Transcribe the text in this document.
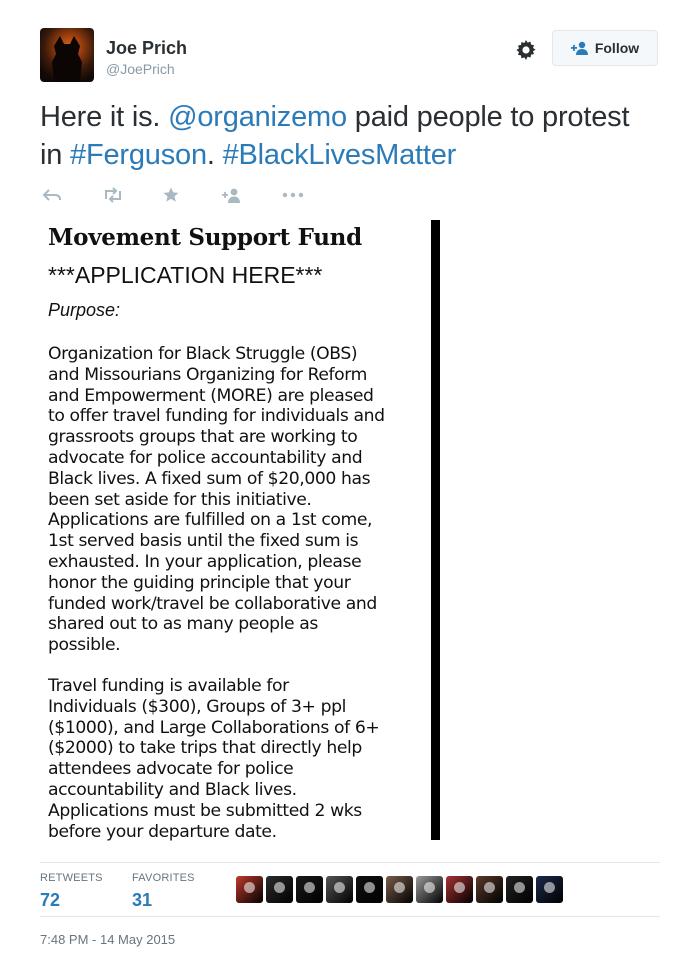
Joe Prich
@JoePrich
Follow
Here it is. @organizemo paid people to protest in #Ferguson. #BlackLivesMatter
Movement Support Fund
***APPLICATION HERE***
Purpose:
Organization for Black Struggle (OBS)
and Missourians Organizing for Reform
and Empowerment (MORE) are pleased
to offer travel funding for individuals and
grassroots groups that are working to
advocate for police accountability and
Black lives. A fixed sum of $20,000 has
been set aside for this initiative.
Applications are fulfilled on a 1st come,
1st served basis until the fixed sum is
exhausted. In your application, please
honor the guiding principle that your
funded work/travel be collaborative and
shared out to as many people as
possible.
Travel funding is available for
Individuals ($300), Groups of 3+ ppl
($1000), and Large Collaborations of 6+
($2000) to take trips that directly help
attendees advocate for police
accountability and Black lives.
Applications must be submitted 2 wks
before your departure date.
RETWEETS
72
FAVORITES
31
7:48 PM - 14 May 2015
